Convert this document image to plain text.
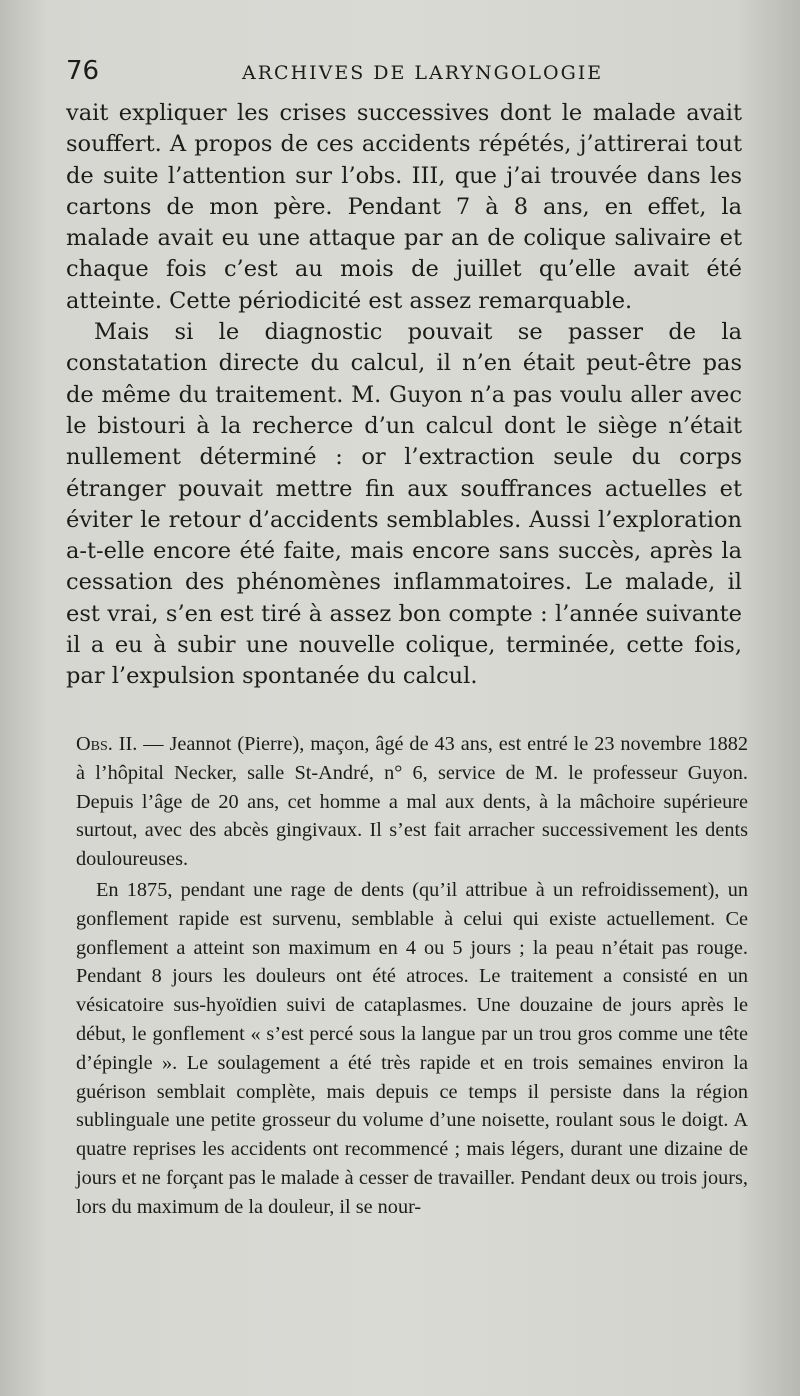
76	ARCHIVES DE LARYNGOLOGIE

vait expliquer les crises successives dont le malade avait souffert. A propos de ces accidents répétés, j’attirerai tout de suite l’attention sur l’obs. III, que j’ai trouvée dans les cartons de mon père. Pendant 7 à 8 ans, en effet, la malade avait eu une attaque par an de colique salivaire et chaque fois c’est au mois de juillet qu’elle avait été atteinte. Cette périodicité est assez remarquable.

Mais si le diagnostic pouvait se passer de la constatation directe du calcul, il n’en était peut-être pas de même du traitement. M. Guyon n’a pas voulu aller avec le bistouri à la recherce d’un calcul dont le siège n’était nullement déterminé : or l’extraction seule du corps étranger pouvait mettre fin aux souffrances actuelles et éviter le retour d’accidents semblables. Aussi l’exploration a-t-elle encore été faite, mais encore sans succès, après la cessation des phénomènes inflammatoires. Le malade, il est vrai, s’en est tiré à assez bon compte : l’année suivante il a eu à subir une nouvelle colique, terminée, cette fois, par l’expulsion spontanée du calcul.

Obs. II. — Jeannot (Pierre), maçon, âgé de 43 ans, est entré le 23 novembre 1882 à l’hôpital Necker, salle St-André, n° 6, service de M. le professeur Guyon. Depuis l’âge de 20 ans, cet homme a mal aux dents, à la mâchoire supérieure surtout, avec des abcès gingivaux. Il s’est fait arracher successivement les dents douloureuses.

En 1875, pendant une rage de dents (qu’il attribue à un refroidissement), un gonflement rapide est survenu, semblable à celui qui existe actuellement. Ce gonflement a atteint son maximum en 4 ou 5 jours ; la peau n’était pas rouge. Pendant 8 jours les douleurs ont été atroces. Le traitement a consisté en un vésicatoire sus-hyoïdien suivi de cataplasmes. Une douzaine de jours après le début, le gonflement « s’est percé sous la langue par un trou gros comme une tête d’épingle ». Le soulagement a été très rapide et en trois semaines environ la guérison semblait complète, mais depuis ce temps il persiste dans la région sublinguale une petite grosseur du volume d’une noisette, roulant sous le doigt. A quatre reprises les accidents ont recommencé ; mais légers, durant une dizaine de jours et ne forçant pas le malade à cesser de travailler. Pendant deux ou trois jours, lors du maximum de la douleur, il se nour-
